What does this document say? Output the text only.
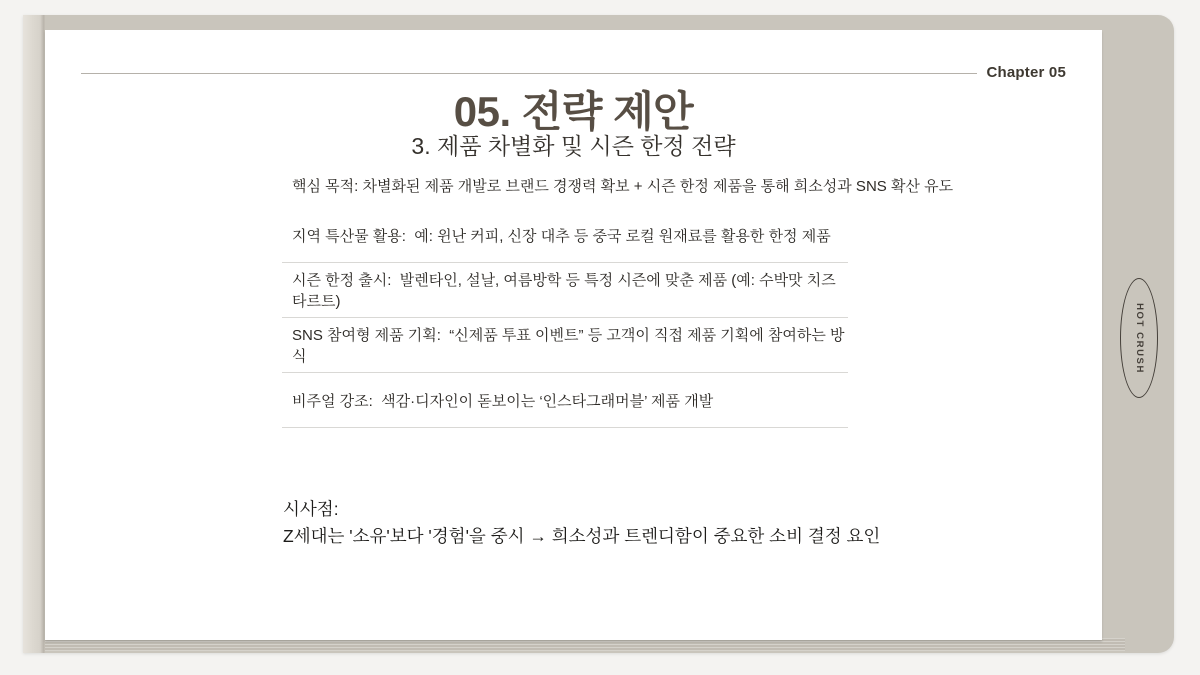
HOT CRUSH
Chapter 05
05. 전략 제안
3. 제품 차별화 및 시즌 한정 전략
핵심 목적: 차별화된 제품 개발로 브랜드 경쟁력 확보 + 시즌 한정 제품을 통해 희소성과 SNS 확산 유도
지역 특산물 활용:  예: 윈난 커피, 신장 대추 등 중국 로컬 원재료를 활용한 한정 제품
시즌 한정 출시:  발렌타인, 설날, 여름방학 등 특정 시즌에 맞춘 제품 (예: 수박맛 치즈타르트)
SNS 참여형 제품 기획:  “신제품 투표 이벤트” 등 고객이 직접 제품 기획에 참여하는 방식
비주얼 강조:  색감·디자인이 돋보이는 ‘인스타그래머블’ 제품 개발
시사점:
Z세대는 '소유'보다 '경험'을 중시 → 희소성과 트렌디함이 중요한 소비 결정 요인
